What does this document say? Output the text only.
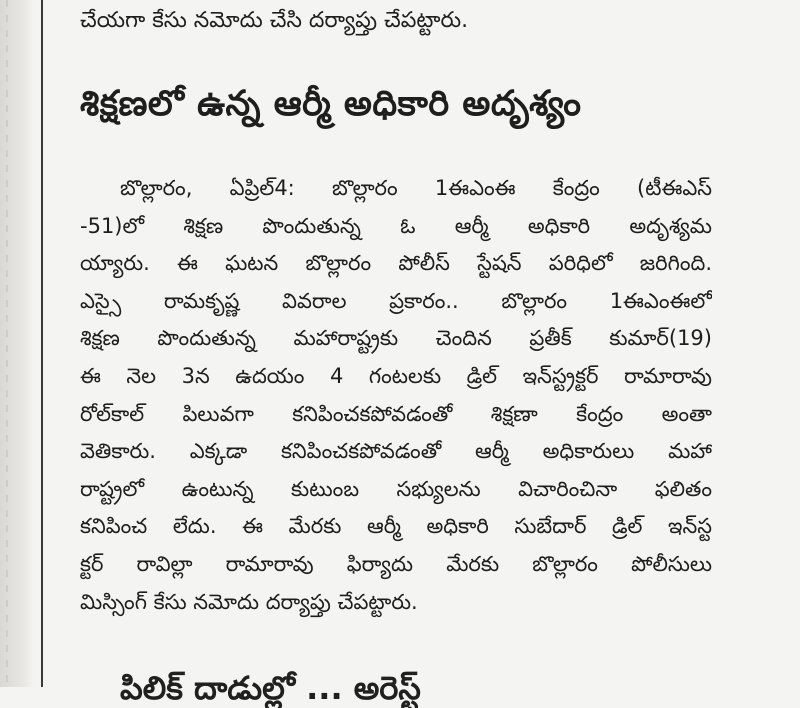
చేయగా కేసు నమోదు చేసి దర్యాప్తు చేపట్టారు.
శిక్షణలో ఉన్న ఆర్మీ అధికారి అదృశ్యం
బొల్లారం, ఏప్రిల్4: బొల్లారం 1ఈఎంఈ కేంద్రం (టీఈఎస్
-51)లో శిక్షణ పొందుతున్న ఓ ఆర్మీ అధికారి అదృశ్యమ
య్యారు. ఈ ఘటన బొల్లారం పోలీస్ స్టేషన్ పరిధిలో జరిగింది.
ఎస్సై రామకృష్ణ వివరాల ప్రకారం.. బొల్లారం 1ఈఎంఈలో
శిక్షణ పొందుతున్న మహారాష్ట్రకు చెందిన ప్రతీక్ కుమార్(19)
ఈ నెల 3న ఉదయం 4 గంటలకు డ్రిల్ ఇన్‌స్ట్రక్టర్ రామారావు
రోల్‌కాల్ పిలువగా కనిపించకపోవడంతో శిక్షణా కేంద్రం అంతా
వెతికారు. ఎక్కడా కనిపించకపోవడంతో ఆర్మీ అధికారులు మహా
రాష్ట్రలో ఉంటున్న కుటుంబ సభ్యులను విచారించినా ఫలితం
కనిపించ లేదు. ఈ మేరకు ఆర్మీ అధికారి సుబేదార్ డ్రిల్ ఇన్‌స్ట
క్టర్ రావిల్లా రామారావు ఫిర్యాదు మేరకు బొల్లారం పోలీసులు
మిస్సింగ్ కేసు నమోదు దర్యాప్తు చేపట్టారు.
పిలిక్ దాడుల్లో ... అరెస్ట్
